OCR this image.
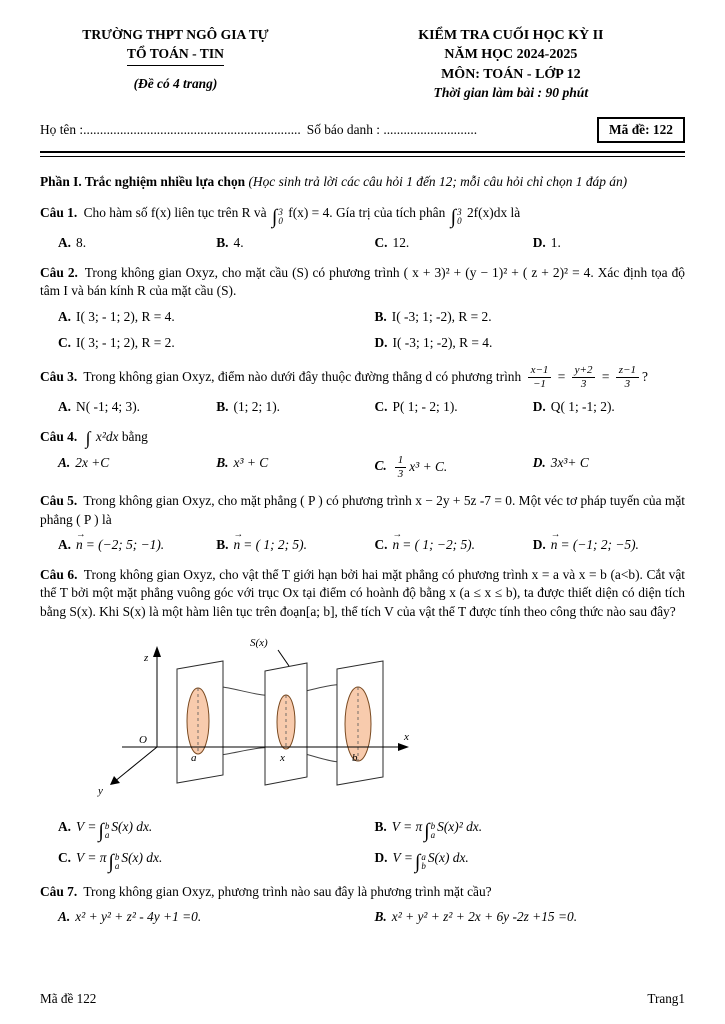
TRƯỜNG THPT NGÔ GIA TỰ
TỔ TOÁN - TIN
(Đề có 4 trang)
KIỂM TRA CUỐI HỌC KỲ II
NĂM HỌC 2024-2025
MÔN: TOÁN - LỚP 12
Thời gian làm bài : 90 phút
Họ tên :................................................................. Số báo danh : ............................	Mã đề: 122
Phần I. Trắc nghiệm nhiều lựa chọn (Học sinh trả lời các câu hỏi 1 đến 12; mỗi câu hỏi chỉ chọn 1 đáp án)

Câu 1. Cho hàm số f(x) liên tục trên R và ∫ 3
0
f(x) = 4. Gía trị của tích phân ∫ 3
0
2f(x)dx là

A. 8.	B. 4.	C. 12.	D. 1.

Câu 2. Trong không gian Oxyz, cho mặt cầu (S) có phương trình ( x + 3)² + (y − 1)² + ( z + 2)² = 4. Xác định tọa độ tâm I và bán kính R của mặt cầu (S).

A. I( 3; - 1; 2), R = 4.	B. I( -3; 1; -2), R = 2.
C. I( 3; - 1; 2), R = 2.	D. I( -3; 1; -2), R = 4.

Câu 3. Trong không gian Oxyz, điểm nào dưới đây thuộc đường thẳng d có phương trình $\frac{x-1}{-1} = \frac{y+2}{3} = \frac{z-1}{3}$ ?

A. N( -1; 4; 3).	B. (1; 2; 1).	C. P( 1; - 2; 1).	D. Q( 1; -1; 2).

Câu 4. ∫ x²dx bằng

A. 2x +C	B. x³ + C	C. $\frac{1}{3} x^3 + C$.	D. 3x³+ C

Câu 5. Trong không gian Oxyz, cho mặt phẳng ( P ) có phương trình x − 2y + 5z -7 = 0. Một véc tơ pháp tuyến của mặt phẳng ( P ) là

A.
→
n = (−2; 5; −1).	B.
→
n = ( 1; 2; 5).	C.
→
n = ( 1; −2; 5).	D.
→
n = (−1; 2; −5).

Câu 6. Trong không gian Oxyz, cho vật thể T giới hạn bởi hai mặt phẳng có phương trình x = a và x = b (a<b). Cắt vật thể T bởi một mặt phẳng vuông góc với trục Ox tại điểm có hoành độ bằng x (a ≤ x ≤ b), ta được thiết diện có diện tích bằng S(x). Khi S(x) là một hàm liên tục trên đoạn[a; b], thể tích V của vật thể T được tính theo công thức nào sau đây?

z
x
y
O
a	x	b
S(x)
A. V = ∫ b
a
S(x) dx.	B. V = π ∫ b
a
S(x)² dx.
C. V = π ∫ b
a
S(x) dx.	D. V = ∫ a
b
S(x) dx.

Câu 7. Trong không gian Oxyz, phương trình nào sau đây là phương trình mặt cầu?

A. x² + y² + z² - 4y +1 =0.	B. x² + y² + z² + 2x + 6y -2z +15 =0.
Mã đề 122	Trang1
